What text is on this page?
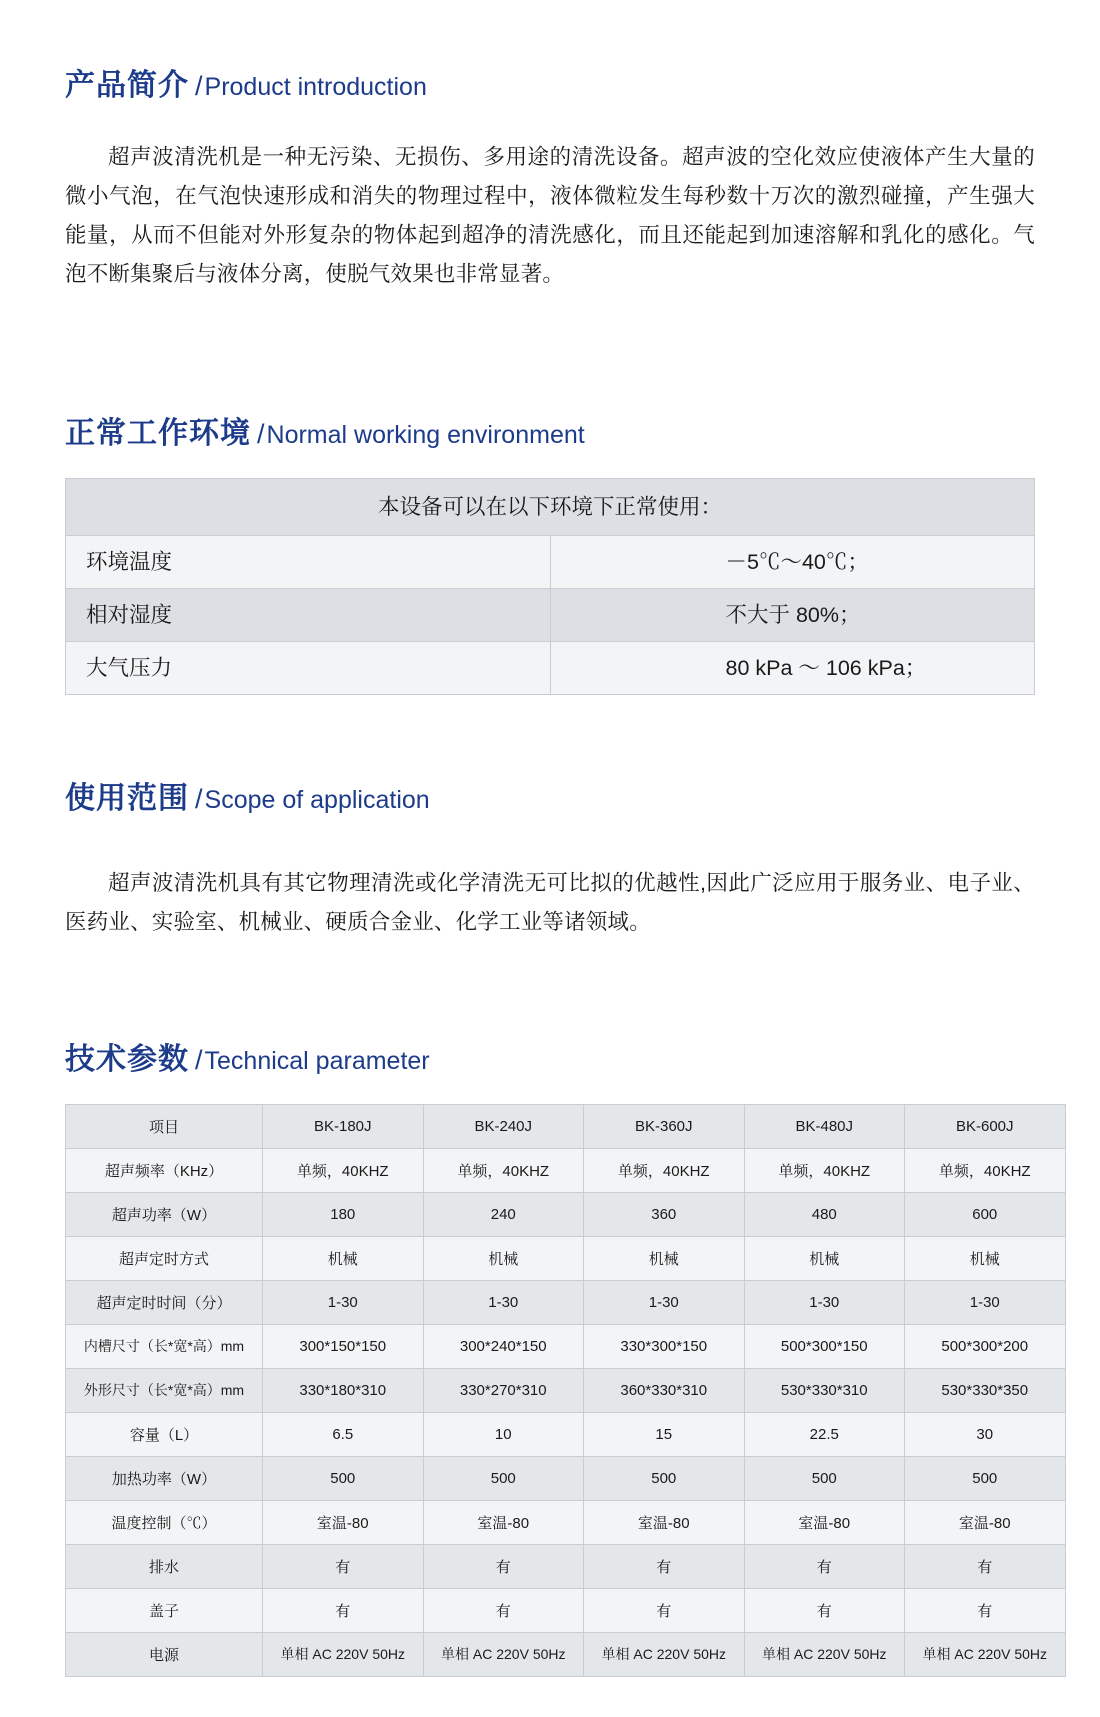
产品简介 / Product introduction

超声波清洗机是一种无污染、无损伤、多用途的清洗设备。超声波的空化效应使液体产生大量的微小气泡，在气泡快速形成和消失的物理过程中，液体微粒发生每秒数十万次的激烈碰撞，产生强大能量，从而不但能对外形复杂的物体起到超净的清洗感化，而且还能起到加速溶解和乳化的感化。气泡不断集聚后与液体分离，使脱气效果也非常显著。

正常工作环境 / Normal working environment
本设备可以在以下环境下正常使用：	
环境温度	－5℃～40℃；
相对湿度	不大于 80%；
大气压力	80 kPa ～ 106 kPa；
使用范围 / Scope of application

超声波清洗机具有其它物理清洗或化学清洗无可比拟的优越性,因此广泛应用于服务业、电子业、医药业、实验室、机械业、硬质合金业、化学工业等诸领域。

技术参数 / Technical parameter
项目	BK-180J	BK-240J	BK-360J	BK-480J	BK-600J
超声频率（KHz）	单频，40KHZ	单频，40KHZ	单频，40KHZ	单频，40KHZ	单频，40KHZ
超声功率（W）	180	240	360	480	600
超声定时方式	机械	机械	机械	机械	机械
超声定时时间（分）	1-30	1-30	1-30	1-30	1-30
内槽尺寸（长*宽*高）mm	300*150*150	300*240*150	330*300*150	500*300*150	500*300*200
外形尺寸（长*宽*高）mm	330*180*310	330*270*310	360*330*310	530*330*310	530*330*350
容量（L）	6.5	10	15	22.5	30
加热功率（W）	500	500	500	500	500
温度控制（℃）	室温-80	室温-80	室温-80	室温-80	室温-80
排水	有	有	有	有	有
盖子	有	有	有	有	有
电源	单相 AC 220V 50Hz	单相 AC 220V 50Hz	单相 AC 220V 50Hz	单相 AC 220V 50Hz	单相 AC 220V 50Hz
